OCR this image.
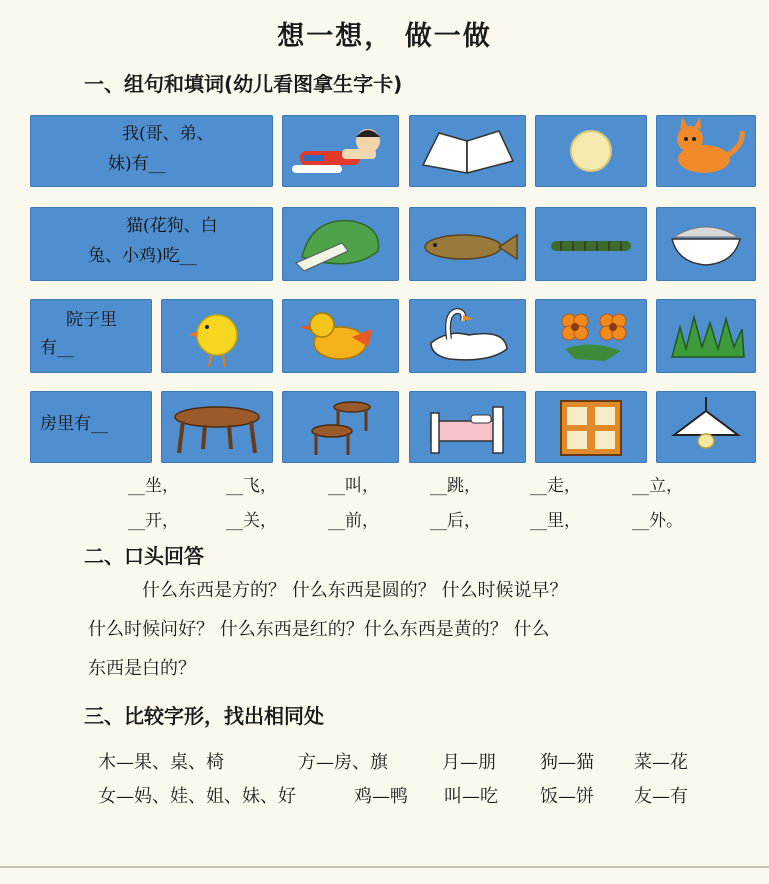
想一想， 做一做
一、组句和填词(幼儿看图拿生字卡)
我(哥、弟、
妹)有__
猫(花狗、白
兔、小鸡)吃__
院子里
有__
房里有__
__坐，	__飞，	__叫，	__跳，	__走，	__立，
__开，	__关，	__前，	__后，	__里，	__外。
二、口头回答
什么东西是方的？ 什么东西是圆的？ 什么时候说早？
什么时候问好？ 什么东西是红的？什么东西是黄的？ 什么
东西是白的？
三、比较字形，找出相同处
木—果、桌、椅	方—房、旗	月—朋 狗—猫 菜—花
女—妈、娃、姐、妹、好	鸡—鸭 叫—吃 饭—饼 友—有
